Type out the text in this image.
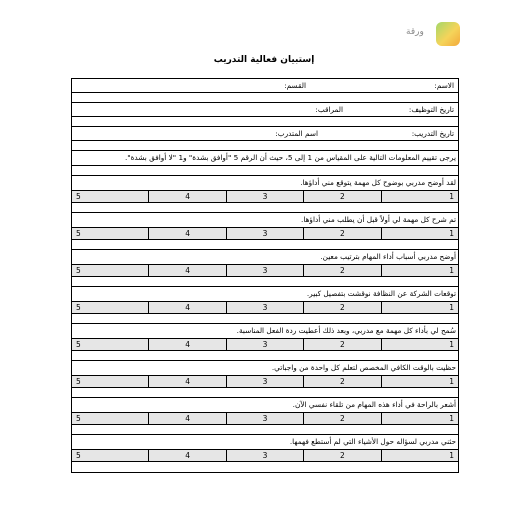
ورقة
إستبيان فعالية التدريب
الاسم:
القسم:
تاريخ التوظيف:
المراقب:
تاريخ التدريب:
اسم المتدرب:
يرجى تقييم المعلومات التالية على المقياس من 1 إلى 5، حيث أن الرقم 5 "أوافق بشدة" و1 "لا أوافق بشدة".
لقد أوضح مدربي بوضوح كل مهمة يتوقع مني أداؤها.
1
2
3
4
5
تم شرح كل مهمة لي أولاً قبل أن يطلب مني أداؤها.
1
2
3
4
5
أوضح مدربي أسباب أداء المهام بترتيب معين.
1
2
3
4
5
توقعات الشركة عن النظافة نوقشت بتفصيل كبير.
1
2
3
4
5
سُمح لي بأداء كل مهمة مع مدربي، وبعد ذلك أعطيت ردة الفعل المناسبة.
1
2
3
4
5
حظيت بالوقت الكافي المخصص لتعلم كل واحدة من واجباتي.
1
2
3
4
5
أشعر بالراحة في أداء هذه المهام من تلقاء نفسي الآن.
1
2
3
4
5
حثني مدربي لسؤاله حول الأشياء التي لم أستطع فهمها.
1
2
3
4
5
